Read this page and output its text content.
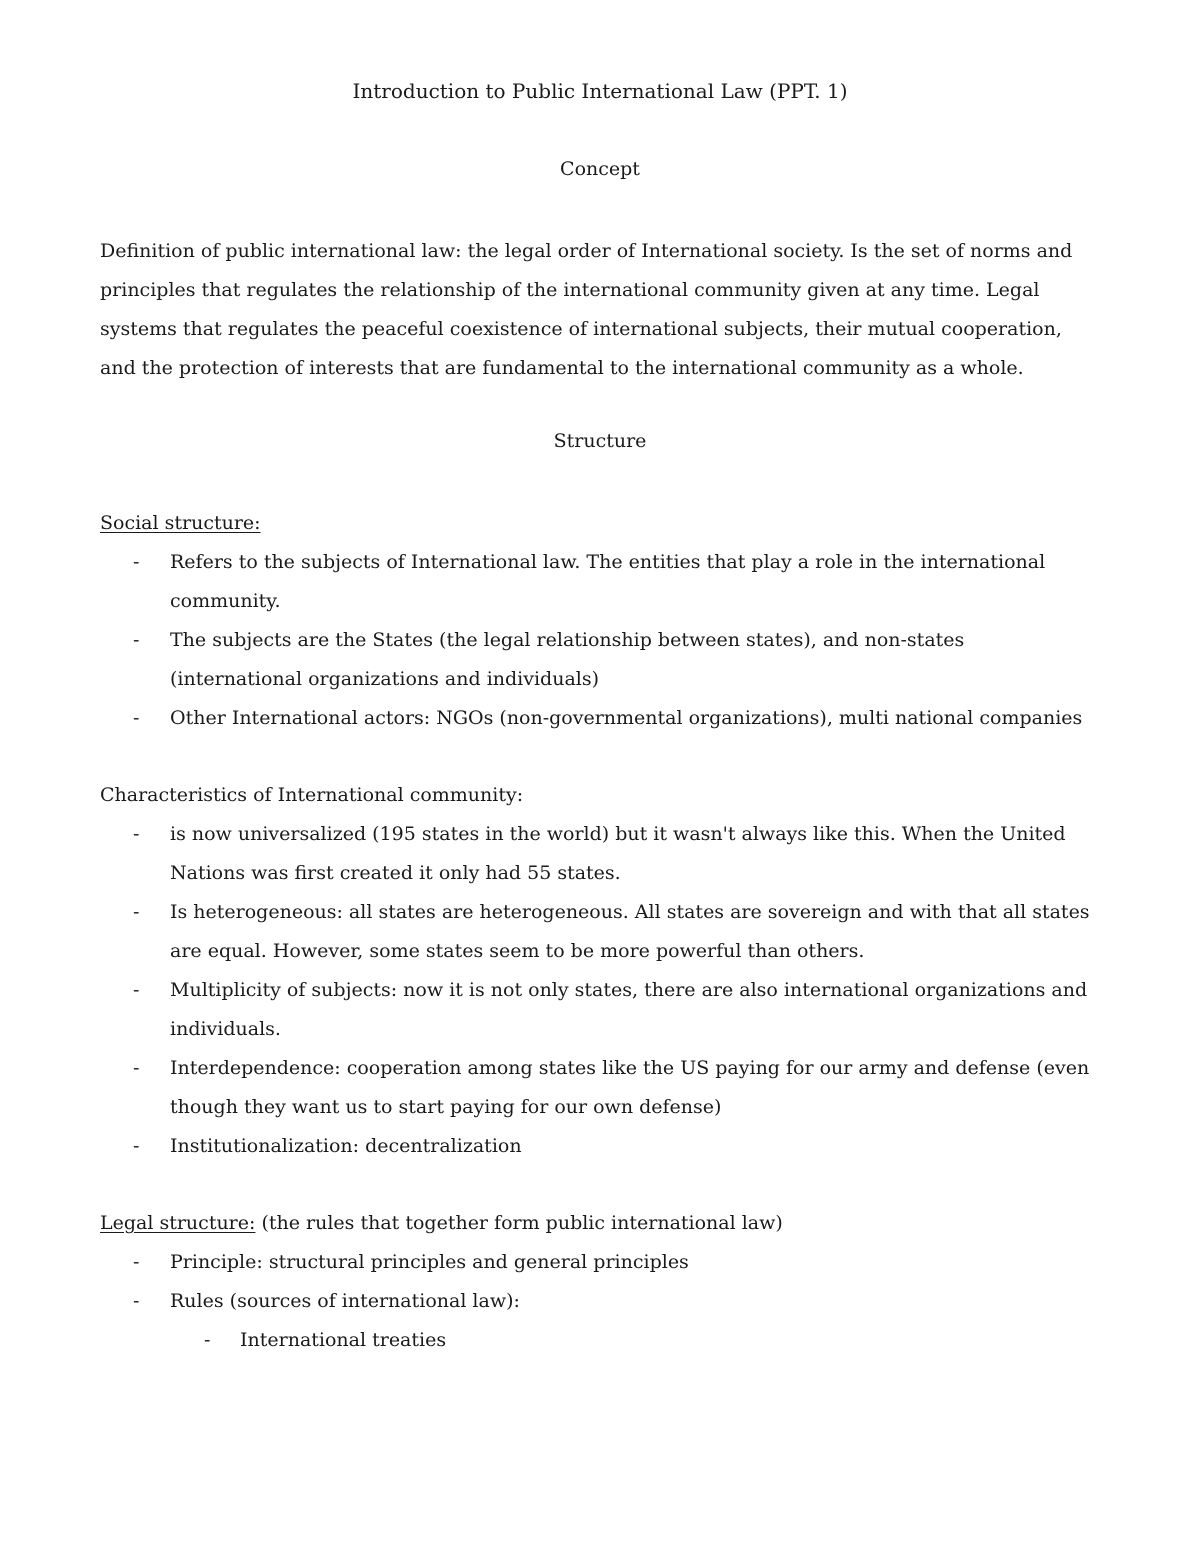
Introduction to Public International Law (PPT. 1)
Concept

Definition of public international law: the legal order of International society. Is the set of norms and principles that regulates the relationship of the international community given at any time. Legal systems that regulates the peaceful coexistence of international subjects, their mutual cooperation, and the protection of interests that are fundamental to the international community as a whole.

Structure

Social structure:

- Refers to the subjects of International law. The entities that play a role in the international community.
- The subjects are the States (the legal relationship between states), and non-states (international organizations and individuals)
- Other International actors: NGOs (non-governmental organizations), multi national companies

Characteristics of International community:

- is now universalized (195 states in the world) but it wasn't always like this. When the United Nations was first created it only had 55 states.
- Is heterogeneous: all states are heterogeneous. All states are sovereign and with that all states are equal. However, some states seem to be more powerful than others.
- Multiplicity of subjects: now it is not only states, there are also international organizations and individuals.
- Interdependence: cooperation among states like the US paying for our army and defense (even though they want us to start paying for our own defense)
- Institutionalization: decentralization

Legal structure: (the rules that together form public international law)

- Principle: structural principles and general principles
- Rules (sources of international law):
- International treaties
